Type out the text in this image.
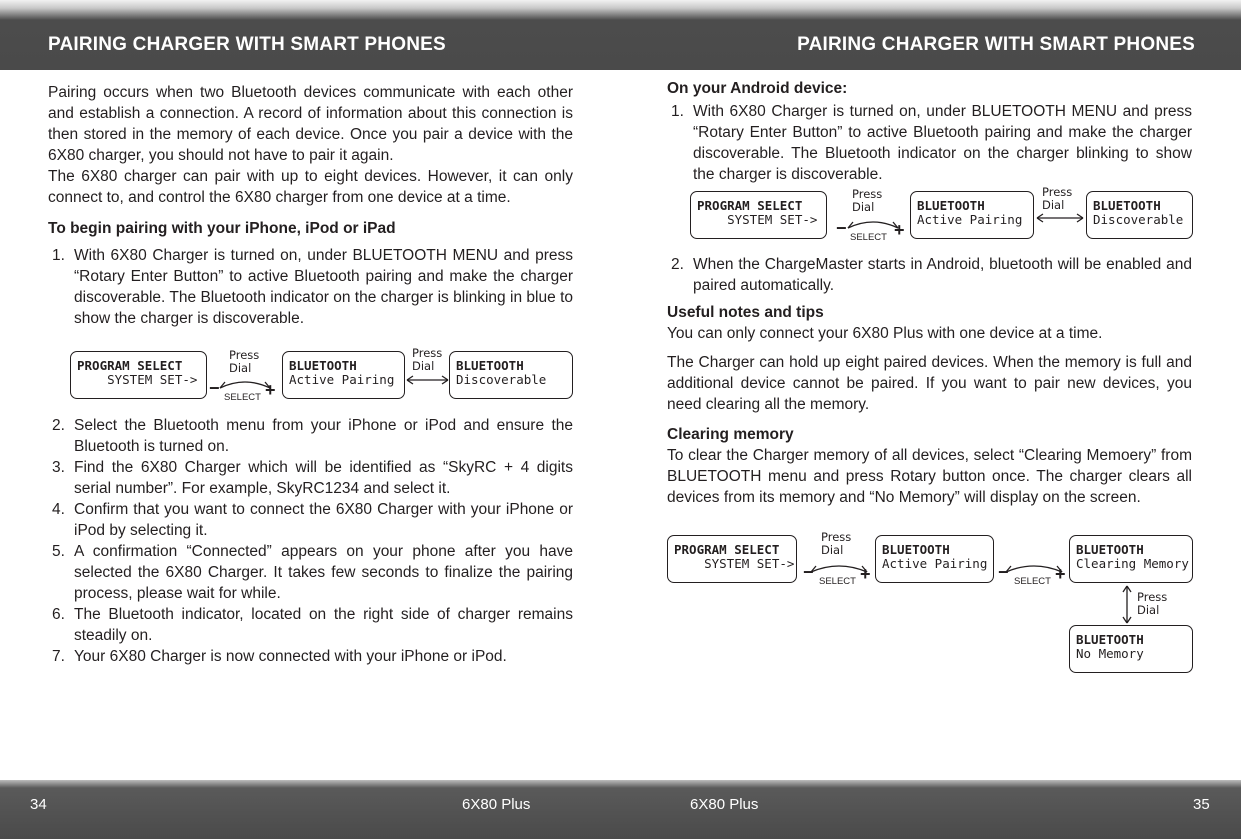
PAIRING CHARGER WITH SMART PHONES	PAIRING CHARGER WITH SMART PHONES

Pairing occurs when two Bluetooth devices communicate with each other and establish a connection. A record of information about this connection is then stored in the memory of each device. Once you pair a device with the 6X80 charger, you should not have to pair it again.

The 6X80 charger can pair with up to eight devices. However, it can only connect to, and control the 6X80 charger from one device at a time.

To begin pairing with your iPhone, iPod or iPad

1. With 6X80 Charger is turned on, under BLUETOOTH MENU and press “Rotary Enter Button” to active Bluetooth pairing and make the charger discoverable. The Bluetooth indicator on the charger is blinking in blue to show the charger is discoverable.
2. Select the Bluetooth menu from your iPhone or iPod and ensure the Bluetooth is turned on.
3. Find the 6X80 Charger which will be identified as “SkyRC + 4 digits serial number”. For example, SkyRC1234 and select it.
4. Confirm that you want to connect the 6X80 Charger with your iPhone or iPod by selecting it.
5. A confirmation “Connected” appears on your phone after you have selected the 6X80 Charger. It takes few seconds to finalize the pairing process, please wait for while.
6. The Bluetooth indicator, located on the right side of charger remains steadily on.
7. Your 6X80 Charger is now connected with your iPhone or iPod.
PROGRAM SELECT
SYSTEM SET->
Press
Dial
−	+
SELECT
BLUETOOTH
Active Pairing
Press
Dial	BLUETOOTH
Discoverable

On your Android device:

1. With 6X80 Charger is turned on, under BLUETOOTH MENU and press “Rotary Enter Button” to active Bluetooth pairing and make the charger discoverable. The Bluetooth indicator on the charger blinking to show the charger is discoverable.
2. When the ChargeMaster starts in Android, bluetooth will be enabled and paired automatically.

Useful notes and tips

You can only connect your 6X80 Plus with one device at a time.

The Charger can hold up eight paired devices. When the memory is full and additional device cannot be paired. If you want to pair new devices, you need clearing all the memory.

Clearing memory

To clear the Charger memory of all devices, select “Clearing Memoery” from BLUETOOTH menu and press Rotary button once. The charger clears all devices from its memory and “No Memory” will display on the screen.

PROGRAM SELECT
SYSTEM SET->
Press
Dial
−	+
SELECT
BLUETOOTH
Active Pairing
Press
Dial	BLUETOOTH
Discoverable
PROGRAM SELECT
SYSTEM SET->
Press
Dial
−	+
SELECT
BLUETOOTH
Active Pairing −	+
SELECT
BLUETOOTH
Clearing Memory
Press
Dial
BLUETOOTH
No Memory
34	6X80 Plus	6X80 Plus	35
